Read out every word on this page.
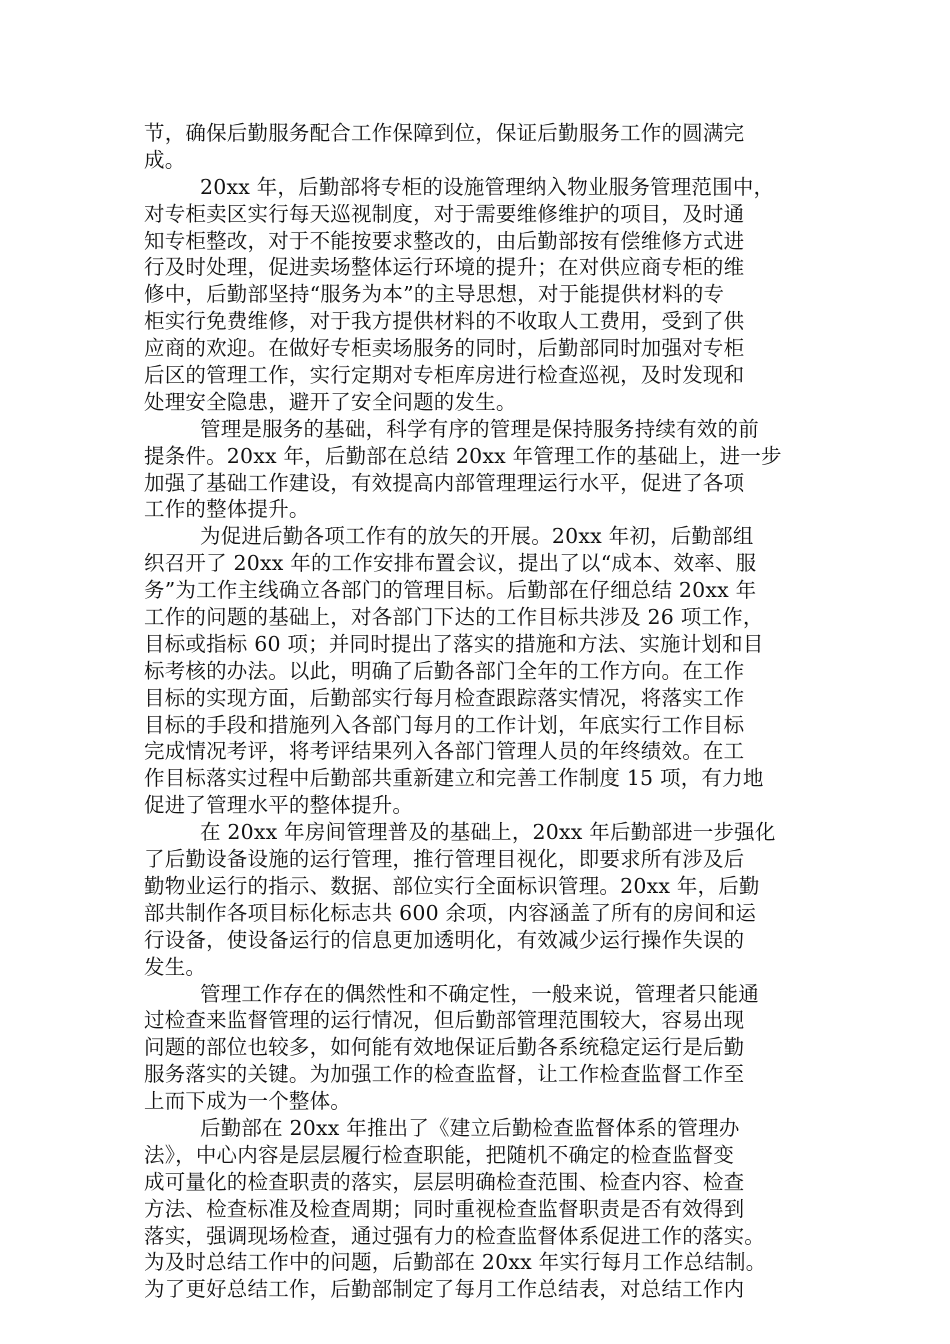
节，确保后勤服务配合工作保障到位，保证后勤服务工作的圆满完
成。
20xx 年，后勤部将专柜的设施管理纳入物业服务管理范围中，
对专柜卖区实行每天巡视制度，对于需要维修维护的项目，及时通
知专柜整改，对于不能按要求整改的，由后勤部按有偿维修方式进
行及时处理，促进卖场整体运行环境的提升；在对供应商专柜的维
修中，后勤部坚持“服务为本”的主导思想，对于能提供材料的专
柜实行免费维修，对于我方提供材料的不收取人工费用，受到了供
应商的欢迎。在做好专柜卖场服务的同时，后勤部同时加强对专柜
后区的管理工作，实行定期对专柜库房进行检查巡视，及时发现和
处理安全隐患，避开了安全问题的发生。
管理是服务的基础，科学有序的管理是保持服务持续有效的前
提条件。20xx 年，后勤部在总结 20xx 年管理工作的基础上，进一步
加强了基础工作建设，有效提高内部管理理运行水平，促进了各项
工作的整体提升。
为促进后勤各项工作有的放矢的开展。20xx 年初，后勤部组
织召开了 20xx 年的工作安排布置会议，提出了以“成本、效率、服
务”为工作主线确立各部门的管理目标。后勤部在仔细总结 20xx 年
工作的问题的基础上，对各部门下达的工作目标共涉及 26 项工作，
目标或指标 60 项；并同时提出了落实的措施和方法、实施计划和目
标考核的办法。以此，明确了后勤各部门全年的工作方向。在工作
目标的实现方面，后勤部实行每月检查跟踪落实情况，将落实工作
目标的手段和措施列入各部门每月的工作计划，年底实行工作目标
完成情况考评，将考评结果列入各部门管理人员的年终绩效。在工
作目标落实过程中后勤部共重新建立和完善工作制度 15 项，有力地
促进了管理水平的整体提升。
在 20xx 年房间管理普及的基础上，20xx 年后勤部进一步强化
了后勤设备设施的运行管理，推行管理目视化，即要求所有涉及后
勤物业运行的指示、数据、部位实行全面标识管理。20xx 年，后勤
部共制作各项目标化标志共 600 余项，内容涵盖了所有的房间和运
行设备，使设备运行的信息更加透明化，有效减少运行操作失误的
发生。
管理工作存在的偶然性和不确定性，一般来说，管理者只能通
过检查来监督管理的运行情况，但后勤部管理范围较大，容易出现
问题的部位也较多，如何能有效地保证后勤各系统稳定运行是后勤
服务落实的关键。为加强工作的检查监督，让工作检查监督工作至
上而下成为一个整体。
后勤部在 20xx 年推出了《建立后勤检查监督体系的管理办
法》，中心内容是层层履行检查职能，把随机不确定的检查监督变
成可量化的检查职责的落实，层层明确检查范围、检查内容、检查
方法、检查标准及检查周期；同时重视检查监督职责是否有效得到
落实，强调现场检查，通过强有力的检查监督体系促进工作的落实。
为及时总结工作中的问题，后勤部在 20xx 年实行每月工作总结制。
为了更好总结工作，后勤部制定了每月工作总结表，对总结工作内
